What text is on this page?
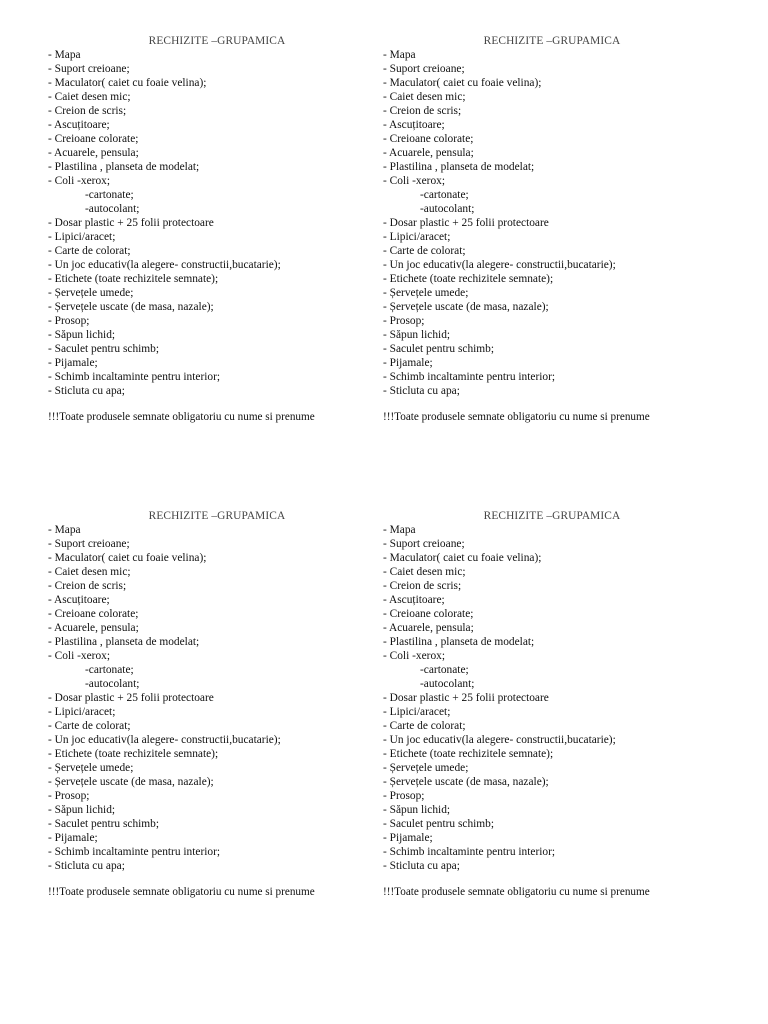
RECHIZITE –GRUPAMICA
- Mapa
- Suport creioane;
- Maculator( caiet cu foaie velina);
- Caiet desen mic;
- Creion de scris;
- Ascuțitoare;
- Creioane colorate;
- Acuarele, pensula;
- Plastilina , planseta de modelat;
- Coli -xerox;
-cartonate;
-autocolant;
- Dosar plastic + 25 folii protectoare
- Lipici/aracet;
- Carte de colorat;
- Un joc educativ(la alegere- constructii,bucatarie);
- Etichete (toate rechizitele semnate);
- Șervețele umede;
- Șervețele uscate (de masa, nazale);
- Prosop;
- Săpun lichid;
- Saculet pentru schimb;
- Pijamale;
- Schimb incaltaminte pentru interior;
- Sticluta cu apa;
!!!Toate produsele semnate obligatoriu cu nume si prenume
RECHIZITE –GRUPAMICA
- Mapa
- Suport creioane;
- Maculator( caiet cu foaie velina);
- Caiet desen mic;
- Creion de scris;
- Ascuțitoare;
- Creioane colorate;
- Acuarele, pensula;
- Plastilina , planseta de modelat;
- Coli -xerox;
-cartonate;
-autocolant;
- Dosar plastic + 25 folii protectoare
- Lipici/aracet;
- Carte de colorat;
- Un joc educativ(la alegere- constructii,bucatarie);
- Etichete (toate rechizitele semnate);
- Șervețele umede;
- Șervețele uscate (de masa, nazale);
- Prosop;
- Săpun lichid;
- Saculet pentru schimb;
- Pijamale;
- Schimb incaltaminte pentru interior;
- Sticluta cu apa;
!!!Toate produsele semnate obligatoriu cu nume si prenume
RECHIZITE –GRUPAMICA
- Mapa
- Suport creioane;
- Maculator( caiet cu foaie velina);
- Caiet desen mic;
- Creion de scris;
- Ascuțitoare;
- Creioane colorate;
- Acuarele, pensula;
- Plastilina , planseta de modelat;
- Coli -xerox;
-cartonate;
-autocolant;
- Dosar plastic + 25 folii protectoare
- Lipici/aracet;
- Carte de colorat;
- Un joc educativ(la alegere- constructii,bucatarie);
- Etichete (toate rechizitele semnate);
- Șervețele umede;
- Șervețele uscate (de masa, nazale);
- Prosop;
- Săpun lichid;
- Saculet pentru schimb;
- Pijamale;
- Schimb incaltaminte pentru interior;
- Sticluta cu apa;
!!!Toate produsele semnate obligatoriu cu nume si prenume
RECHIZITE –GRUPAMICA
- Mapa
- Suport creioane;
- Maculator( caiet cu foaie velina);
- Caiet desen mic;
- Creion de scris;
- Ascuțitoare;
- Creioane colorate;
- Acuarele, pensula;
- Plastilina , planseta de modelat;
- Coli -xerox;
-cartonate;
-autocolant;
- Dosar plastic + 25 folii protectoare
- Lipici/aracet;
- Carte de colorat;
- Un joc educativ(la alegere- constructii,bucatarie);
- Etichete (toate rechizitele semnate);
- Șervețele umede;
- Șervețele uscate (de masa, nazale);
- Prosop;
- Săpun lichid;
- Saculet pentru schimb;
- Pijamale;
- Schimb incaltaminte pentru interior;
- Sticluta cu apa;
!!!Toate produsele semnate obligatoriu cu nume si prenume
